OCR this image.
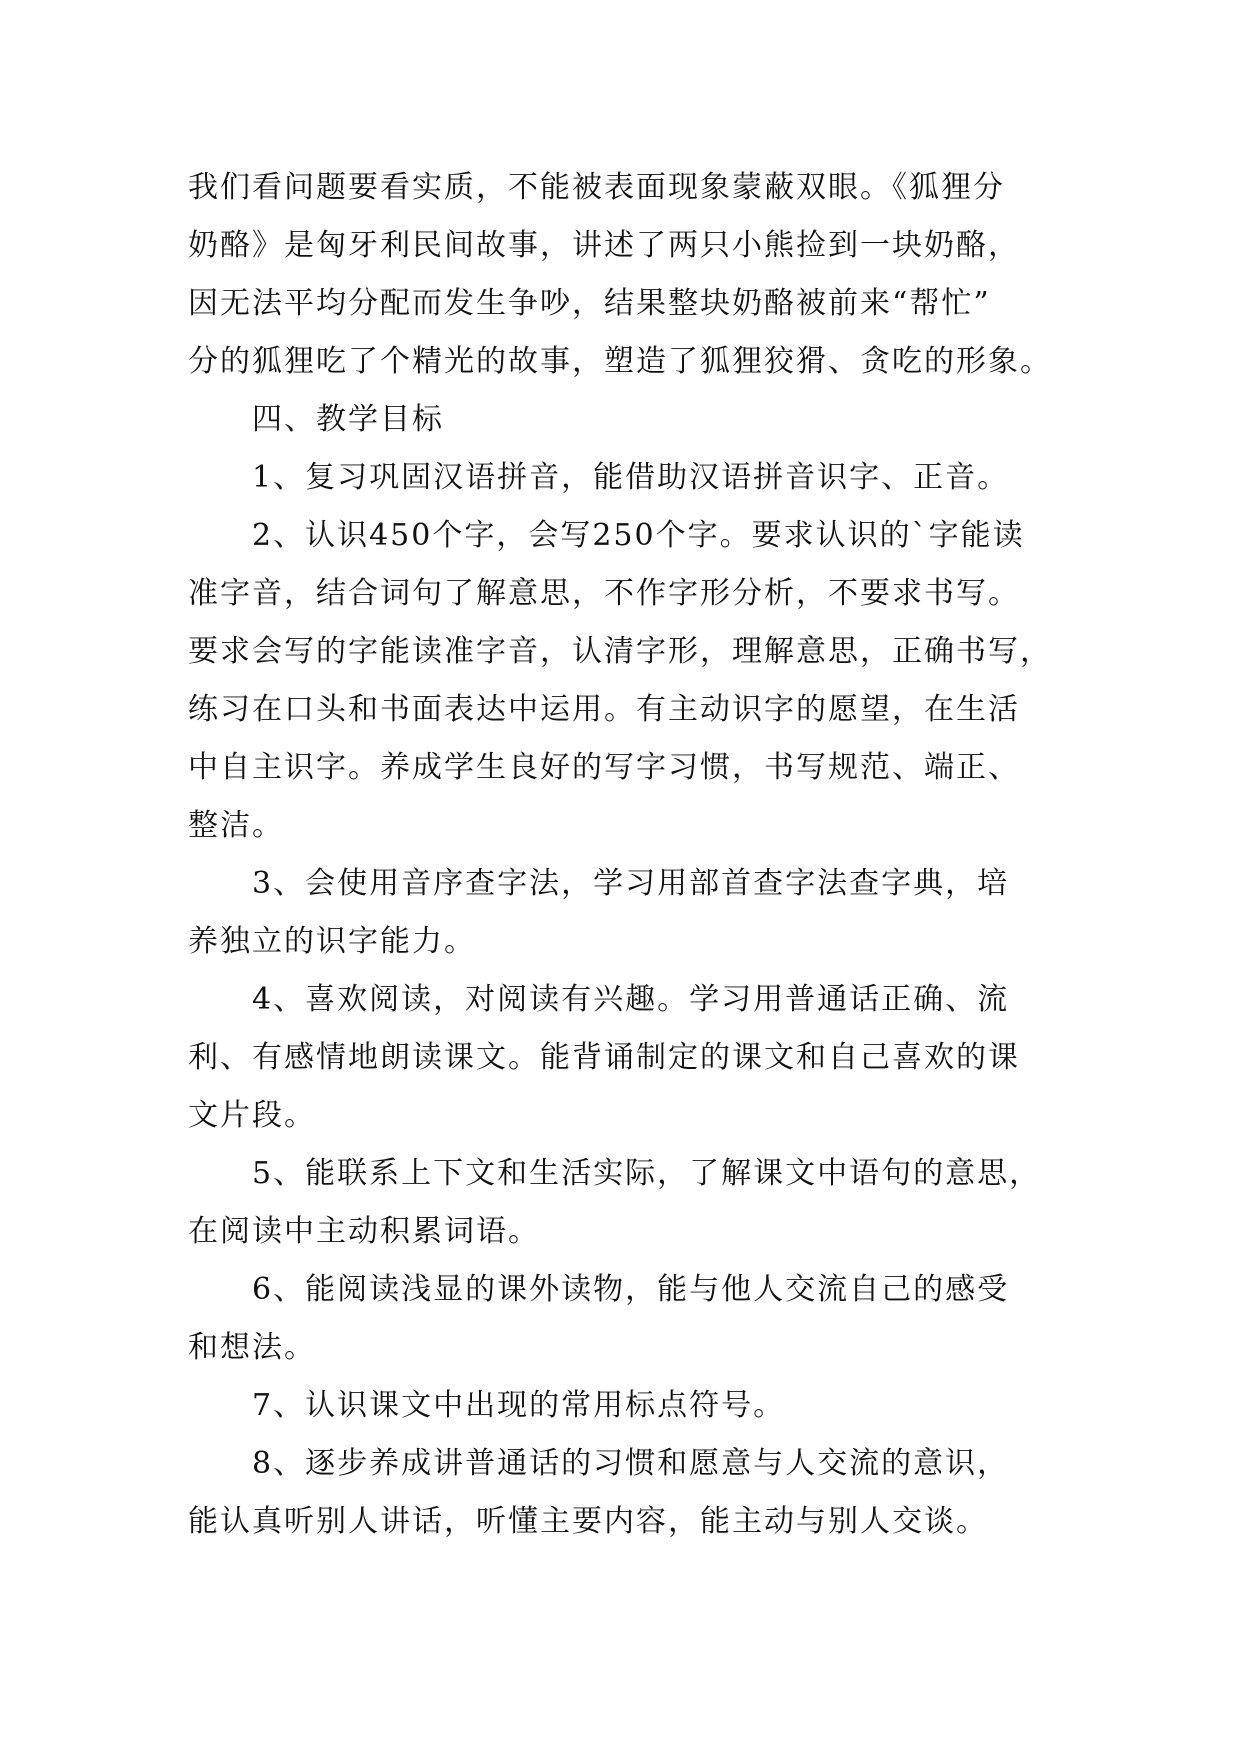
我们看问题要看实质，不能被表面现象蒙蔽双眼。《狐狸分
奶酪》是匈牙利民间故事，讲述了两只小熊捡到一块奶酪，
因无法平均分配而发生争吵，结果整块奶酪被前来“帮忙”
分的狐狸吃了个精光的故事，塑造了狐狸狡猾、贪吃的形象。
四、教学目标
1、复习巩固汉语拼音，能借助汉语拼音识字、正音。
2、认识450个字，会写250个字。要求认识的`字能读
准字音，结合词句了解意思，不作字形分析，不要求书写。
要求会写的字能读准字音，认清字形，理解意思，正确书写，
练习在口头和书面表达中运用。有主动识字的愿望，在生活
中自主识字。养成学生良好的写字习惯，书写规范、端正、
整洁。
3、会使用音序查字法，学习用部首查字法查字典，培
养独立的识字能力。
4、喜欢阅读，对阅读有兴趣。学习用普通话正确、流
利、有感情地朗读课文。能背诵制定的课文和自己喜欢的课
文片段。
5、能联系上下文和生活实际，了解课文中语句的意思，
在阅读中主动积累词语。
6、能阅读浅显的课外读物，能与他人交流自己的感受
和想法。
7、认识课文中出现的常用标点符号。
8、逐步养成讲普通话的习惯和愿意与人交流的意识，
能认真听别人讲话，听懂主要内容，能主动与别人交谈。
